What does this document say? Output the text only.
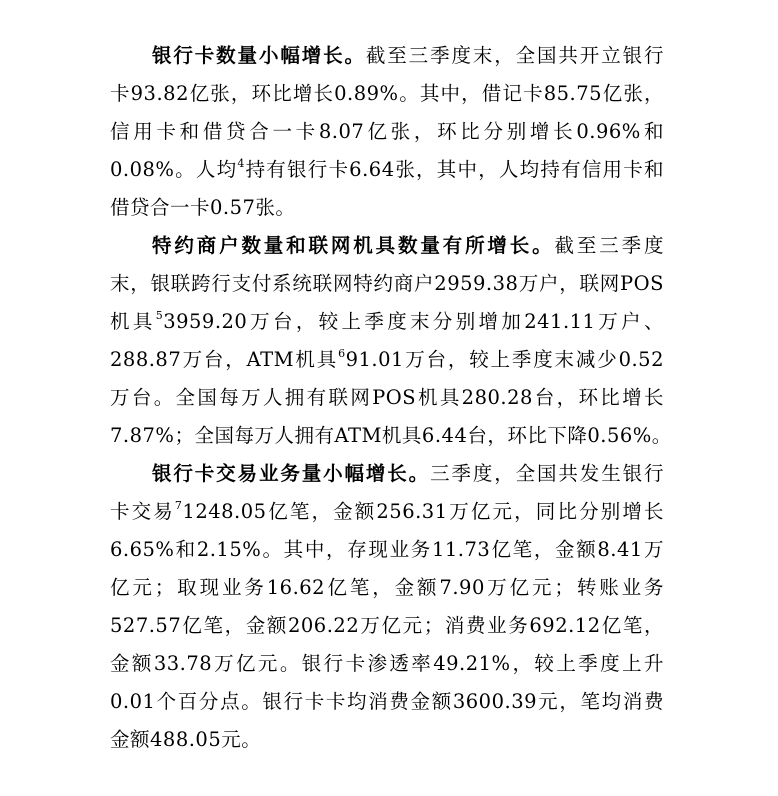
银行卡数量小幅增长。截至三季度末，全国共开立银行
卡93.82亿张，环比增长0.89%。其中，借记卡85.75亿张，
信用卡和借贷合一卡8.07亿张，环比分别增长0.96%和
0.08%。人均$^4$持有银行卡6.64张，其中，人均持有信用卡和
借贷合一卡0.57张。
特约商户数量和联网机具数量有所增长。截至三季度
末，银联跨行支付系统联网特约商户2959.38万户，联网POS
机具$^5$3959.20万台，较上季度末分别增加241.11万户、
288.87万台，ATM机具$^6$91.01万台，较上季度末减少0.52
万台。全国每万人拥有联网POS机具280.28台，环比增长
7.87%；全国每万人拥有ATM机具6.44台，环比下降0.56%。
银行卡交易业务量小幅增长。三季度，全国共发生银行
卡交易$^7$1248.05亿笔，金额256.31万亿元，同比分别增长
6.65%和2.15%。其中，存现业务11.73亿笔，金额8.41万
亿元；取现业务16.62亿笔，金额7.90万亿元；转账业务
527.57亿笔，金额206.22万亿元；消费业务692.12亿笔，
金额33.78万亿元。银行卡渗透率49.21%，较上季度上升
0.01个百分点。银行卡卡均消费金额3600.39元，笔均消费
金额488.05元。
